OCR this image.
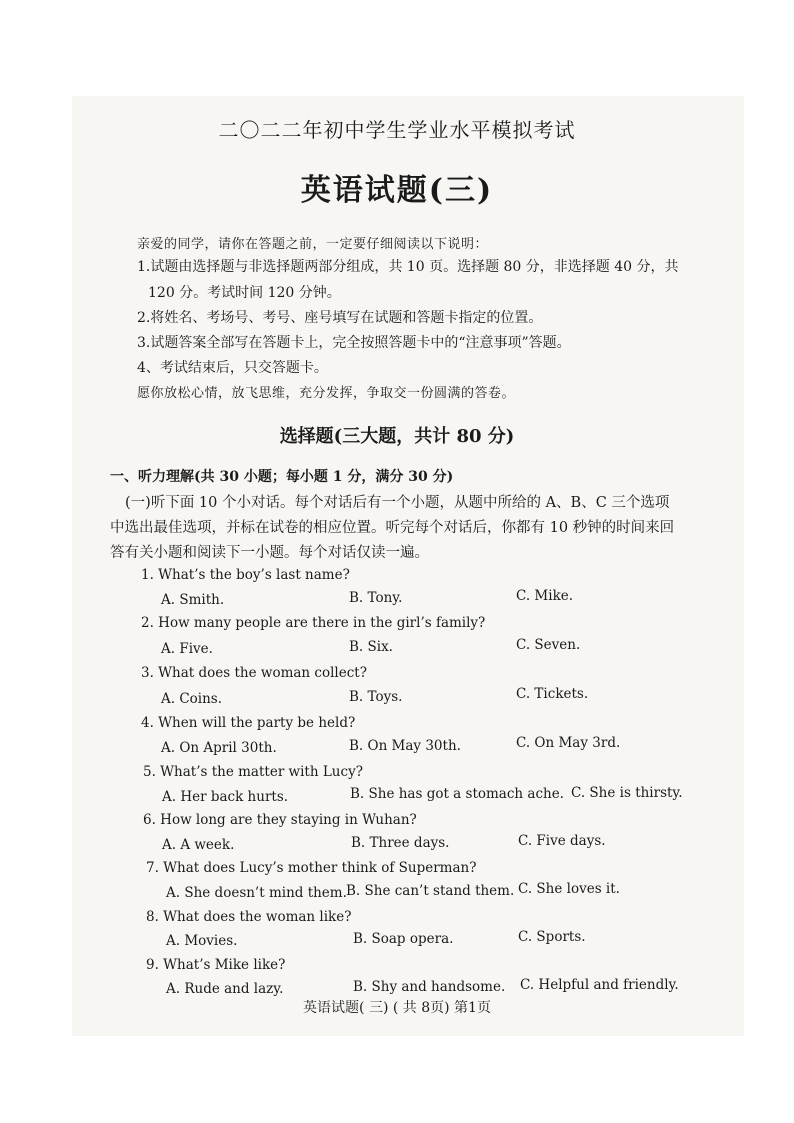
二〇二二年初中学生学业水平模拟考试
英语试题(三)
亲爱的同学，请你在答题之前，一定要仔细阅读以下说明：
1.试题由选择题与非选择题两部分组成，共 10 页。选择题 80 分，非选择题 40 分，共
120 分。考试时间 120 分钟。
2.将姓名、考场号、考号、座号填写在试题和答题卡指定的位置。
3.试题答案全部写在答题卡上，完全按照答题卡中的“注意事项”答题。
4、考试结束后，只交答题卡。
愿你放松心情，放飞思维，充分发挥，争取交一份圆满的答卷。
选择题(三大题，共计 80 分)
一、听力理解(共 30 小题；每小题 1 分，满分 30 分)
(一)听下面 10 个小对话。每个对话后有一个小题，从题中所给的 A、B、C 三个选项
中选出最佳选项，并标在试卷的相应位置。听完每个对话后，你都有 10 秒钟的时间来回
答有关小题和阅读下一小题。每个对话仅读一遍。
1. What’s the boy’s last name?
A. Smith.	B. Tony.	C. Mike.
2. How many people are there in the girl’s family?
A. Five.	B. Six.	C. Seven.
3. What does the woman collect?
A. Coins.	B. Toys.	C. Tickets.
4. When will the party be held?
A. On April 30th.	B. On May 30th.	C. On May 3rd.
5. What’s the matter with Lucy?
A. Her back hurts.	B. She has got a stomach ache. C. She is thirsty.
6. How long are they staying in Wuhan?
A. A week.	B. Three days.	C. Five days.
7. What does Lucy’s mother think of Superman?
A. She doesn’t mind them. B. She can’t stand them. C. She loves it.
8. What does the woman like?
A. Movies.	B. Soap opera.	C. Sports.
9. What’s Mike like?
A. Rude and lazy.	B. Shy and handsome. C. Helpful and friendly.
英语试题( 三) ( 共 8页) 第1页
